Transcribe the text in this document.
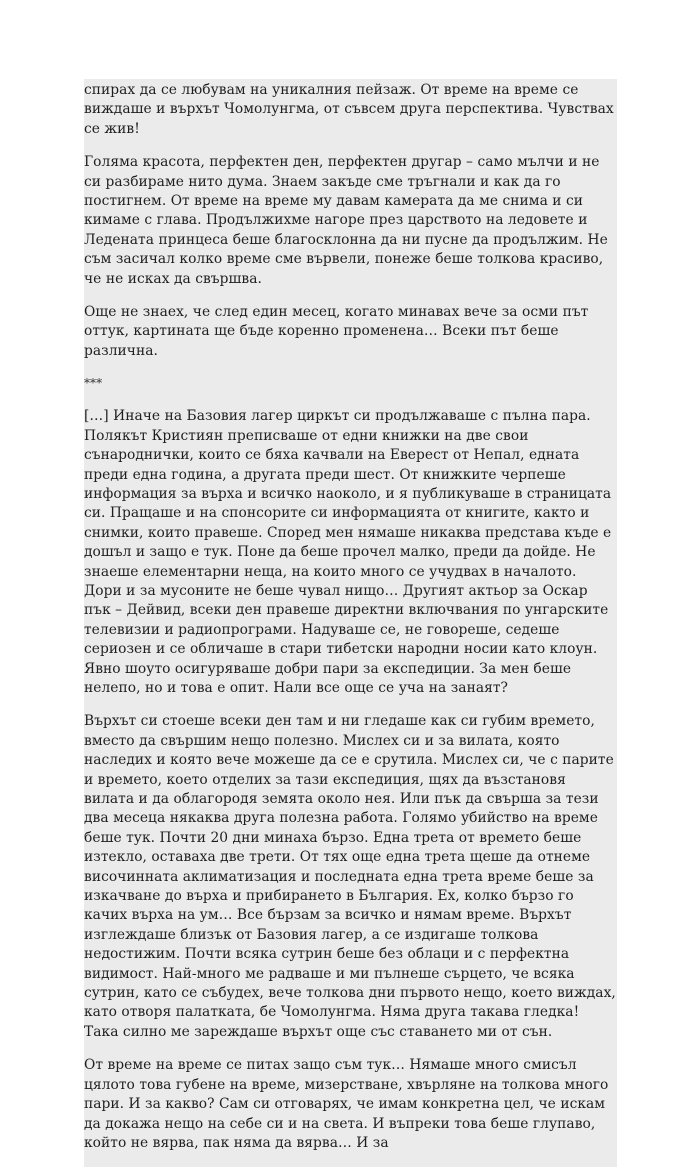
спирах да се любувам на уникалния пейзаж. От време на време се виждаше и върхът Чомолунгма, от съвсем друга перспектива. Чувствах се жив!

Голяма красота, перфектен ден, перфектен другар – само мълчи и не си разбираме нито дума. Знаем закъде сме тръгнали и как да го постигнем. От време на време му давам камерата да ме снима и си кимаме с глава. Продължихме нагоре през царството на ледовете и Ледената принцеса беше благосклонна да ни пусне да продължим. Не съм засичал колко време сме вървели, понеже беше толкова красиво, че не исках да свършва.

Още не знаех, че след един месец, когато минавах вече за осми път оттук, картината ще бъде коренно променена… Всеки път беше различна.

***

[…] Иначе на Базовия лагер циркът си продължаваше с пълна пара. Полякът Кристиян преписваше от едни книжки на две свои сънароднички, които се бяха качвали на Еверест от Непал, едната преди една година, а другата преди шест. От книжките черпеше информация за върха и всичко наоколо, и я публикуваше в страницата си. Пращаше и на спонсорите си информацията от книгите, както и снимки, които правеше. Според мен нямаше никаква представа къде е дошъл и защо е тук. Поне да беше прочел малко, преди да дойде. Не знаеше елементарни неща, на които много се учудвах в началото. Дори и за мусоните не беше чувал нищо… Другият актьор за Оскар пък – Дейвид, всеки ден правеше директни включвания по унгарските телевизии и радиопрограми. Надуваше се, не говореше, седеше сериозен и се обличаше в стари тибетски народни носии като клоун. Явно шоуто осигуряваше добри пари за експедиции. За мен беше нелепо, но и това е опит. Нали все още се уча на занаят?

Върхът си стоеше всеки ден там и ни гледаше как си губим времето, вместо да свършим нещо полезно. Мислех си и за вилата, която наследих и която вече можеше да се е срутила. Мислех си, че с парите и времето, което отделих за тази експедиция, щях да възстановя вилата и да облагородя земята около нея. Или пък да свърша за тези два месеца някаква друга полезна работа. Голямо убийство на време беше тук. Почти 20 дни минаха бързо. Една трета от времето беше изтекло, оставаха две трети. От тях още една трета щеше да отнеме височинната аклиматизация и последната една трета време беше за изкачване до върха и прибирането в България. Ех, колко бързо го качих върха на ум… Все бързам за всичко и нямам време. Върхът изглеждаше близък от Базовия лагер, а се издигаше толкова недостижим. Почти всяка сутрин беше без облаци и с перфектна видимост. Най-много ме радваше и ми пълнеше сърцето, че всяка сутрин, като се събудех, вече толкова дни първото нещо, което виждах, като отворя палатката, бе Чомолунгма. Няма друга такава гледка! Така силно ме зареждаше върхът още със ставането ми от сън.

От време на време се питах защо съм тук… Нямаше много смисъл цялото това губене на време, мизерстване, хвърляне на толкова много пари. И за какво? Сам си отговарях, че имам конкретна цел, че искам да докажа нещо на себе си и на света. И въпреки това беше глупаво, който не вярва, пак няма да вярва… И за
